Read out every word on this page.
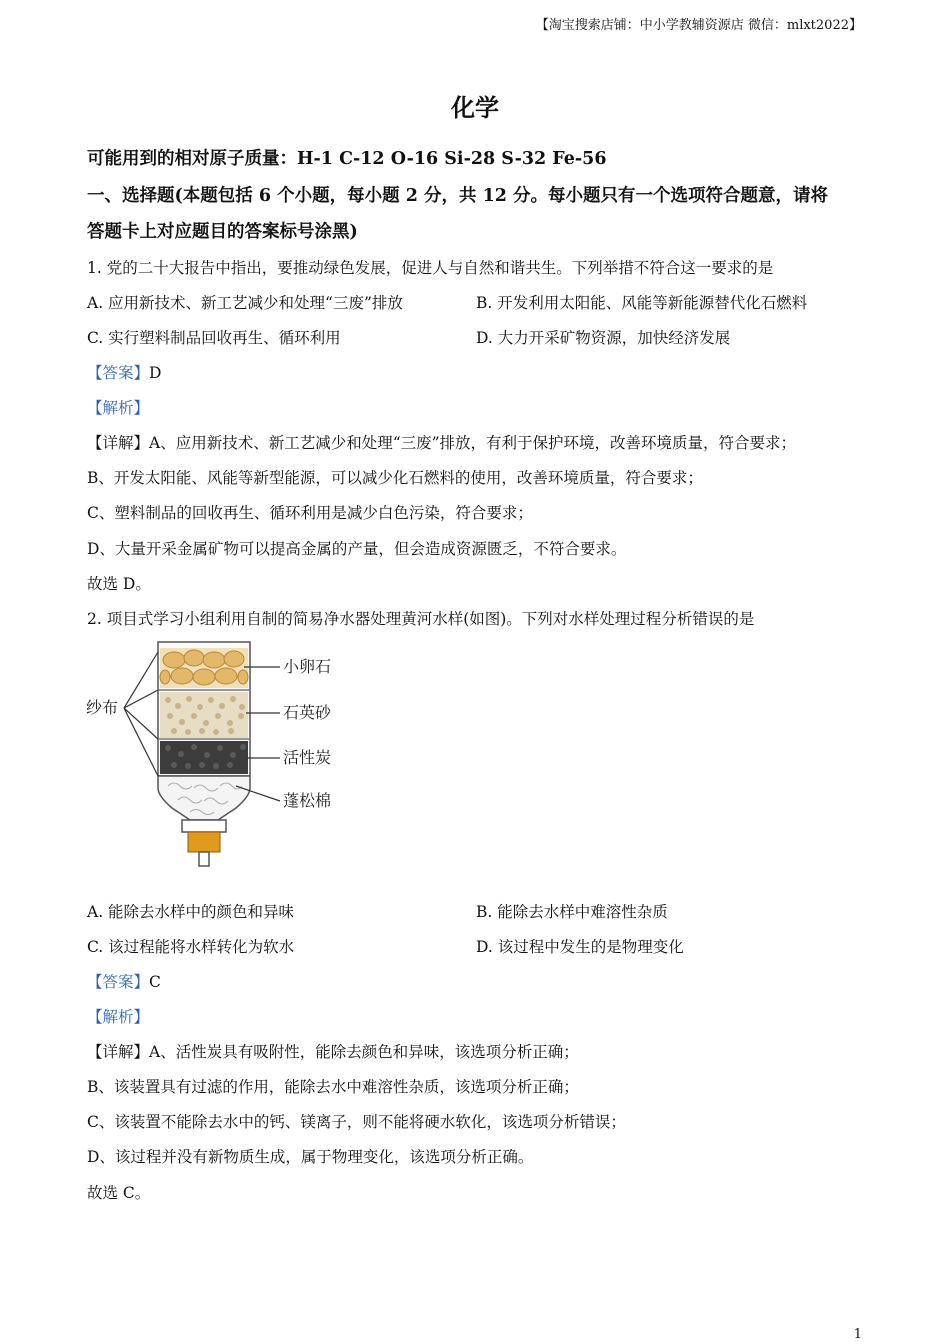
【淘宝搜索店铺：中小学教辅资源店 微信：mlxt2022】
化学
可能用到的相对原子质量：H-1 C-12 O-16 Si-28 S-32 Fe-56
一、选择题(本题包括 6 个小题，每小题 2 分，共 12 分。每小题只有一个选项符合题意，请将
答题卡上对应题目的答案标号涂黑)
1. 党的二十大报告中指出，要推动绿色发展，促进人与自然和谐共生。下列举措不符合这一要求的是
A. 应用新技术、新工艺减少和处理“三废”排放	B. 开发利用太阳能、风能等新能源替代化石燃料
C. 实行塑料制品回收再生、循环利用	D. 大力开采矿物资源，加快经济发展
【答案】D
【解析】
【详解】A、应用新技术、新工艺减少和处理“三废”排放，有利于保护环境，改善环境质量，符合要求；
B、开发太阳能、风能等新型能源，可以减少化石燃料的使用，改善环境质量，符合要求；
C、塑料制品的回收再生、循环利用是减少白色污染，符合要求；
D、大量开采金属矿物可以提高金属的产量，但会造成资源匮乏，不符合要求。
故选 D。
2. 项目式学习小组利用自制的简易净水器处理黄河水样(如图)。下列对水样处理过程分析错误的是
纱布
小卵石
石英砂
活性炭
蓬松棉
A. 能除去水样中的颜色和异味	B. 能除去水样中难溶性杂质
C. 该过程能将水样转化为软水	D. 该过程中发生的是物理变化
【答案】C
【解析】
【详解】A、活性炭具有吸附性，能除去颜色和异味，该选项分析正确；
B、该装置具有过滤的作用，能除去水中难溶性杂质，该选项分析正确；
C、该装置不能除去水中的钙、镁离子，则不能将硬水软化，该选项分析错误；
D、该过程并没有新物质生成，属于物理变化，该选项分析正确。
故选 C。
1
